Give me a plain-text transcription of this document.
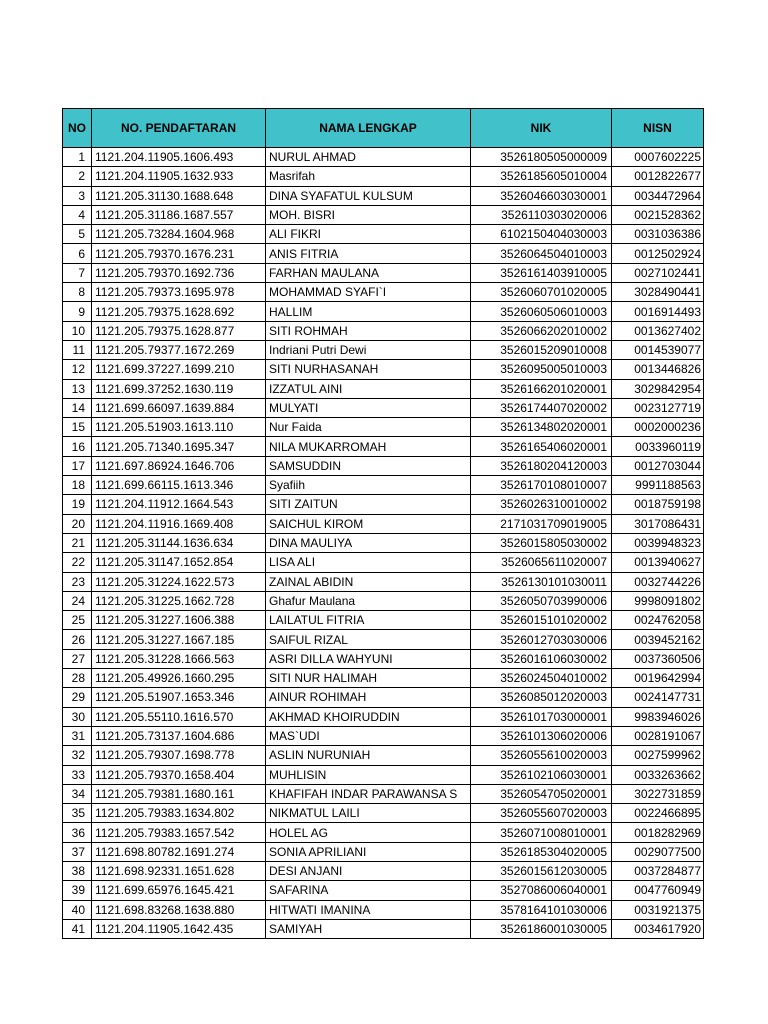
NO	NO. PENDAFTARAN	NAMA LENGKAP	NIK	NISN
1	1121.204.11905.1606.493	NURUL AHMAD	3526180505000009	0007602225
2	1121.204.11905.1632.933	Masrifah	3526185605010004	0012822677
3	1121.205.31130.1688.648	DINA SYAFATUL KULSUM	3526046603030001	0034472964
4	1121.205.31186.1687.557	MOH. BISRI	3526110303020006	0021528362
5	1121.205.73284.1604.968	ALI FIKRI	6102150404030003	0031036386
6	1121.205.79370.1676.231	ANIS FITRIA	3526064504010003	0012502924
7	1121.205.79370.1692.736	FARHAN MAULANA	3526161403910005	0027102441
8	1121.205.79373.1695.978	MOHAMMAD SYAFI`I	3526060701020005	3028490441
9	1121.205.79375.1628.692	HALLIM	3526060506010003	0016914493
10	1121.205.79375.1628.877	SITI ROHMAH	3526066202010002	0013627402
11	1121.205.79377.1672.269	Indriani Putri Dewi	3526015209010008	0014539077
12	1121.699.37227.1699.210	SITI NURHASANAH	3526095005010003	0013446826
13	1121.699.37252.1630.119	IZZATUL AINI	3526166201020001	3029842954
14	1121.699.66097.1639.884	MULYATI	3526174407020002	0023127719
15	1121.205.51903.1613.110	Nur Faida	3526134802020001	0002000236
16	1121.205.71340.1695.347	NILA MUKARROMAH	3526165406020001	0033960119
17	1121.697.86924.1646.706	SAMSUDDIN	3526180204120003	0012703044
18	1121.699.66115.1613.346	Syafiih	3526170108010007	9991188563
19	1121.204.11912.1664.543	SITI ZAITUN	3526026310010002	0018759198
20	1121.204.11916.1669.408	SAICHUL KIROM	2171031709019005	3017086431
21	1121.205.31144.1636.634	DINA MAULIYA	3526015805030002	0039948323
22	1121.205.31147.1652.854	LISA ALI	3526065611020007	0013940627
23	1121.205.31224.1622.573	ZAINAL ABIDIN	3526130101030011	0032744226
24	1121.205.31225.1662.728	Ghafur Maulana	3526050703990006	9998091802
25	1121.205.31227.1606.388	LAILATUL FITRIA	3526015101020002	0024762058
26	1121.205.31227.1667.185	SAIFUL RIZAL	3526012703030006	0039452162
27	1121.205.31228.1666.563	ASRI DILLA WAHYUNI	3526016106030002	0037360506
28	1121.205.49926.1660.295	SITI NUR HALIMAH	3526024504010002	0019642994
29	1121.205.51907.1653.346	AINUR ROHIMAH	3526085012020003	0024147731
30	1121.205.55110.1616.570	AKHMAD KHOIRUDDIN	3526101703000001	9983946026
31	1121.205.73137.1604.686	MAS`UDI	3526101306020006	0028191067
32	1121.205.79307.1698.778	ASLIN NURUNIAH	3526055610020003	0027599962
33	1121.205.79370.1658.404	MUHLISIN	3526102106030001	0033263662
34	1121.205.79381.1680.161	KHAFIFAH INDAR PARAWANSA S	3526054705020001	3022731859
35	1121.205.79383.1634.802	NIKMATUL LAILI	3526055607020003	0022466895
36	1121.205.79383.1657.542	HOLEL AG	3526071008010001	0018282969
37	1121.698.80782.1691.274	SONIA APRILIANI	3526185304020005	0029077500
38	1121.698.92331.1651.628	DESI ANJANI	3526015612030005	0037284877
39	1121.699.65976.1645.421	SAFARINA	3527086006040001	0047760949
40	1121.698.83268.1638.880	HITWATI IMANINA	3578164101030006	0031921375
41	1121.204.11905.1642.435	SAMIYAH	3526186001030005	0034617920
